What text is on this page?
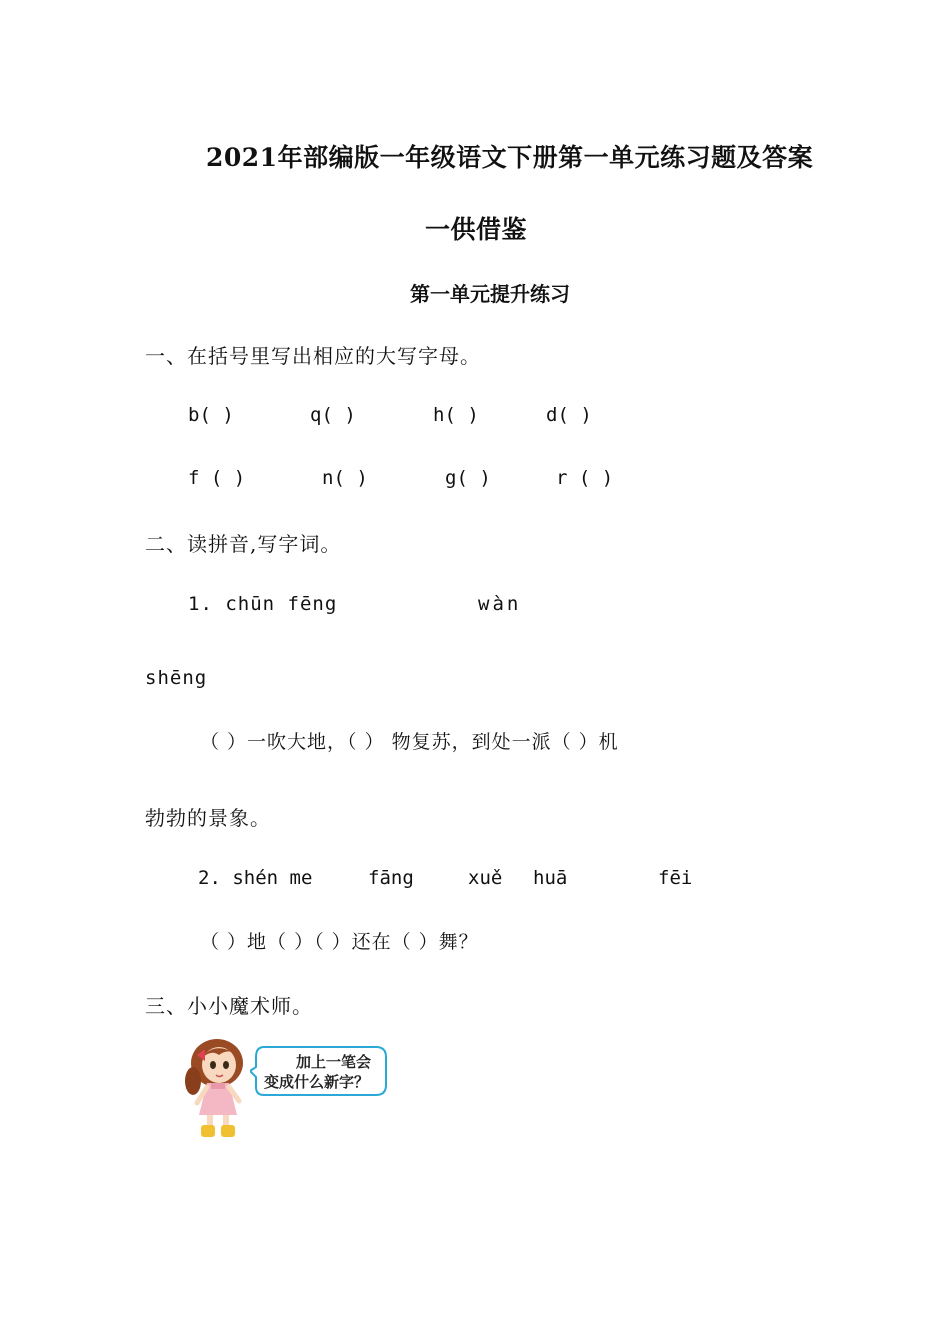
2021年部编版一年级语文下册第一单元练习题及答案
一供借鉴
第一单元提升练习
一、在括号里写出相应的大写字母。
b( )	q( )	h( )	d( )
f ( )	n( )	g( )	r ( )
二、读拼音,写字词。
1. chūn fēng	wàn
shēng
（ ）一吹大地，（ ） 物复苏，到处一派（ ）机
勃勃的景象。
2. shén me	fāng	xuě huā	fēi
（ ）地（ ）（ ）还在（ ）舞？
三、小小魔术师。
加上一笔会
变成什么新字？
